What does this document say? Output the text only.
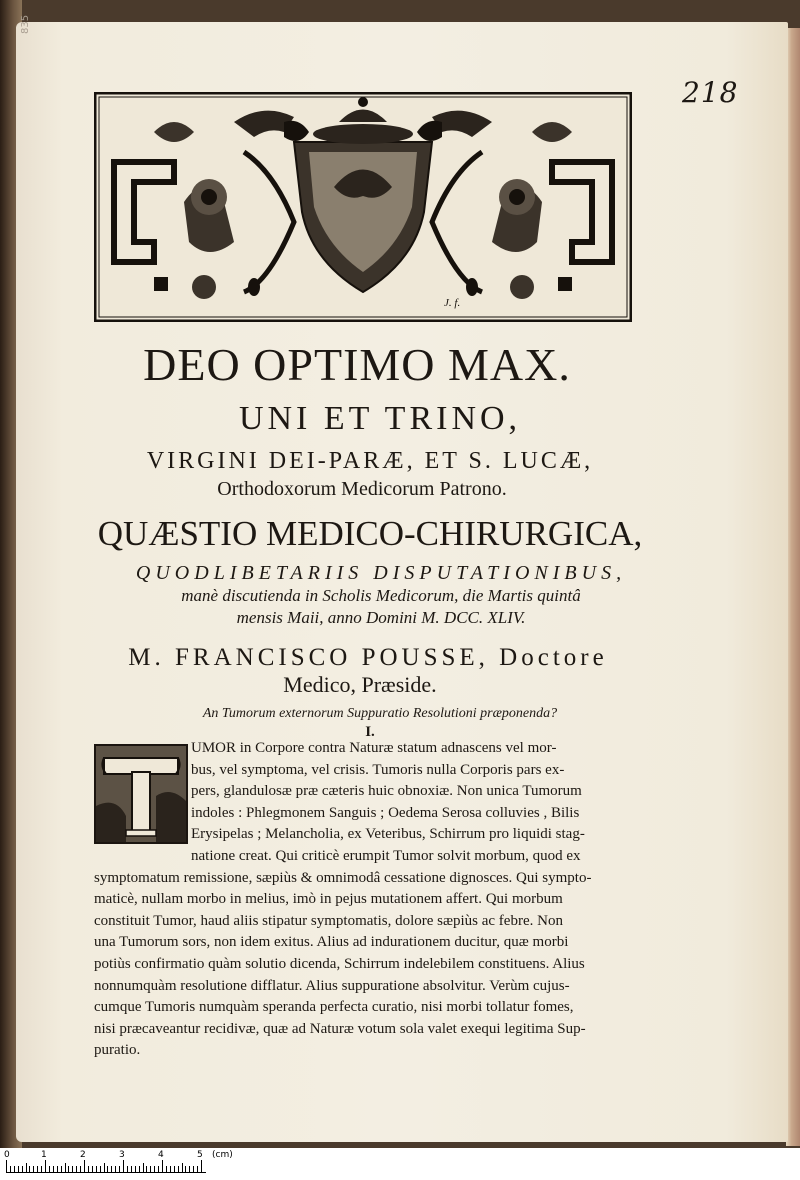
835
218
J. f.
DEO OPTIMO MAX.
UNI ET TRINO,
VIRGINI DEI-PARÆ, ET S. LUCÆ,
Orthodoxorum Medicorum Patrono.
QUÆSTIO MEDICO-CHIRURGICA,
QUODLIBETARIIS DISPUTATIONIBUS,
manè discutienda in Scholis Medicorum, die Martis quintâ
mensis Maii, anno Domini M. DCC. XLIV.
M. FRANCISCO POUSSE, Doctore
Medico, Præside.
An Tumorum externorum Suppuratio Resolutioni præponenda?
I.
UMOR in Corpore contra Naturæ statum adnascens vel mor-
bus, vel symptoma, vel crisis. Tumoris nulla Corporis pars ex-
pers, glandulosæ præ cæteris huic obnoxiæ. Non unica Tumorum
indoles : Phlegmonem Sanguis ; Oedema Serosa colluvies , Bilis
Erysipelas ; Melancholia, ex Veteribus, Schirrum pro liquidi stag-
natione creat. Qui criticè erumpit Tumor solvit morbum, quod ex
symptomatum remissione, sæpiùs & omnimodâ cessatione dignosces. Qui sympto-
maticè, nullam morbo in melius, imò in pejus mutationem affert. Qui morbum
constituit Tumor, haud aliis stipatur symptomatis, dolore sæpiùs ac febre. Non
una Tumorum sors, non idem exitus. Alius ad indurationem ducitur, quæ morbi
potiùs confirmatio quàm solutio dicenda, Schirrum indelebilem constituens. Alius
nonnumquàm resolutione difflatur. Alius suppuratione absolvitur. Verùm cujus-
cumque Tumoris numquàm speranda perfecta curatio, nisi morbi tollatur fomes,
nisi præcaveantur recidivæ, quæ ad Naturæ votum sola valet exequi legitima Sup-
puratio.
0	1	2	3	4	5 (cm)
